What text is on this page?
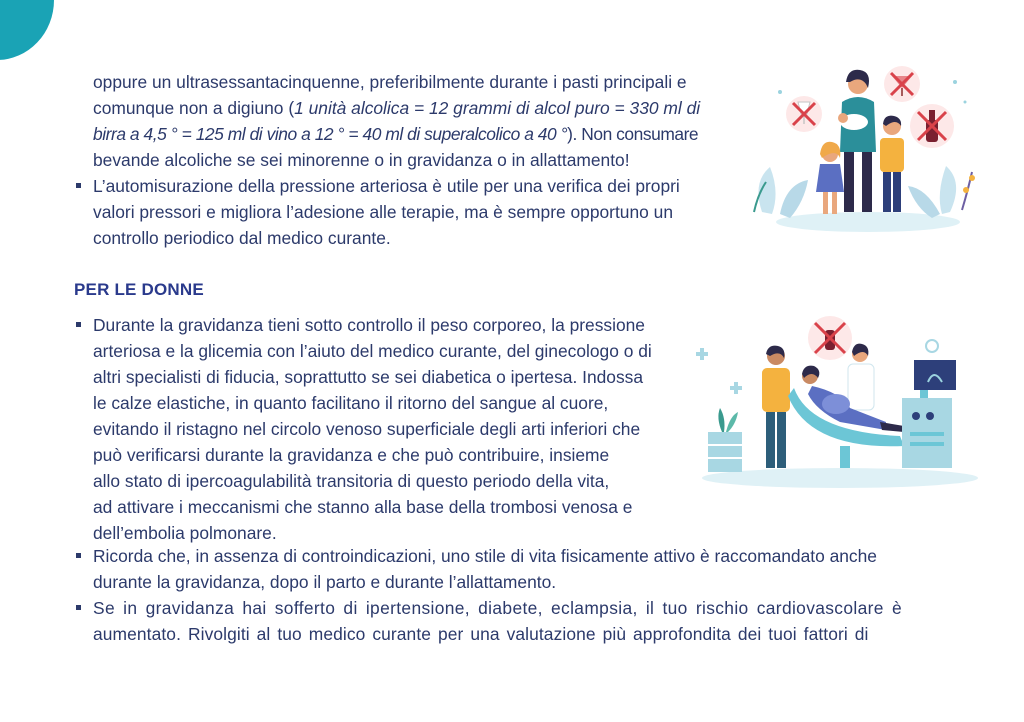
oppure un ultrasessantacinquenne, preferibilmente durante i pasti principali e
comunque non a digiuno (1 unità alcolica = 12 grammi di alcol puro = 330 ml di
birra a 4,5 ° = 125 ml di vino a 12 ° = 40 ml di superalcolico a 40 °). Non consumare
bevande alcoliche se sei minorenne o in gravidanza o in allattamento!

L’automisurazione della pressione arteriosa è utile per una verifica dei propri
valori pressori e migliora l’adesione alle terapie, ma è sempre opportuno un
controllo periodico dal medico curante.

PER LE DONNE

Durante la gravidanza tieni sotto controllo il peso corporeo, la pressione
arteriosa e la glicemia con l’aiuto del medico curante, del ginecologo o di
altri specialisti di fiducia, soprattutto se sei diabetica o ipertesa. Indossa
le calze elastiche, in quanto facilitano il ritorno del sangue al cuore,
evitando il ristagno nel circolo venoso superficiale degli arti inferiori che
può verificarsi durante la gravidanza e che può contribuire, insieme
allo stato di ipercoagulabilità transitoria di questo periodo della vita,
ad attivare i meccanismi che stanno alla base della trombosi venosa e
dell’embolia polmonare.

Ricorda che, in assenza di controindicazioni, uno stile di vita fisicamente attivo è raccomandato anche
durante la gravidanza, dopo il parto e durante l’allattamento.

Se in gravidanza hai sofferto di ipertensione, diabete, eclampsia, il tuo rischio cardiovascolare è
aumentato. Rivolgiti al tuo medico curante per una valutazione più approfondita dei tuoi fattori di
